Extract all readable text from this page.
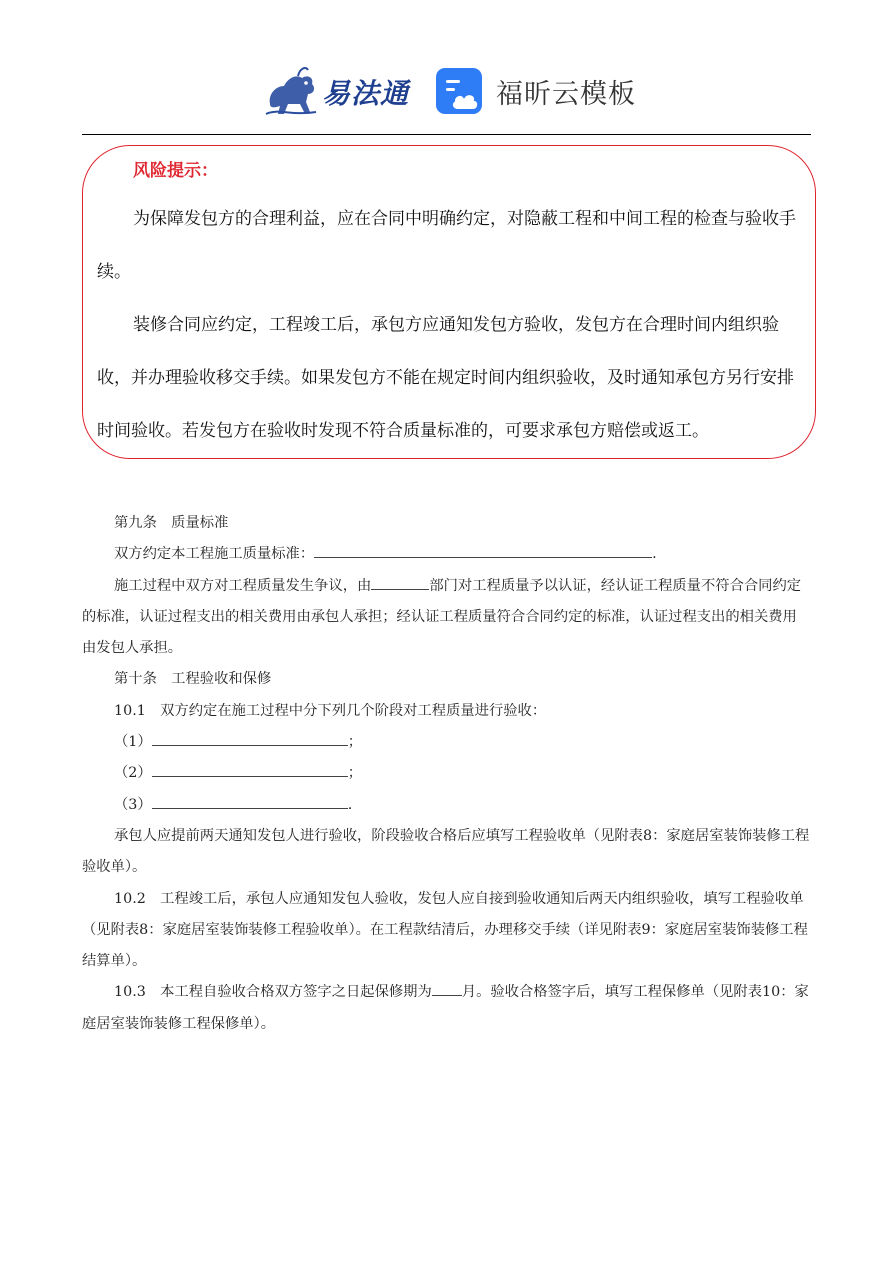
易法通	福昕云模板
风险提示：
为保障发包方的合理利益，应在合同中明确约定，对隐蔽工程和中间工程的检查与验收手续。
装修合同应约定，工程竣工后，承包方应通知发包方验收，发包方在合理时间内组织验收，并办理验收移交手续。如果发包方不能在规定时间内组织验收，及时通知承包方另行安排时间验收。若发包方在验收时发现不符合质量标准的，可要求承包方赔偿或返工。

第九条　质量标准

双方约定本工程施工质量标准：	.

施工过程中双方对工程质量发生争议，由	部门对工程质量予以认证，经认证工程质量不符合合同约定的标准，认证过程支出的相关费用由承包人承担；经认证工程质量符合合同约定的标准，认证过程支出的相关费用由发包人承担。

第十条　工程验收和保修

10.1　双方约定在施工过程中分下列几个阶段对工程质量进行验收：

（1）	；

（2）	；

（3）	.

承包人应提前两天通知发包人进行验收，阶段验收合格后应填写工程验收单（见附表8：家庭居室装饰装修工程验收单）。

10.2　工程竣工后，承包人应通知发包人验收，发包人应自接到验收通知后两天内组织验收，填写工程验收单（见附表8：家庭居室装饰装修工程验收单）。在工程款结清后，办理移交手续（详见附表9：家庭居室装饰装修工程结算单）。

10.3　本工程自验收合格双方签字之日起保修期为 月。验收合格签字后，填写工程保修单（见附表10：家庭居室装饰装修工程保修单）。
